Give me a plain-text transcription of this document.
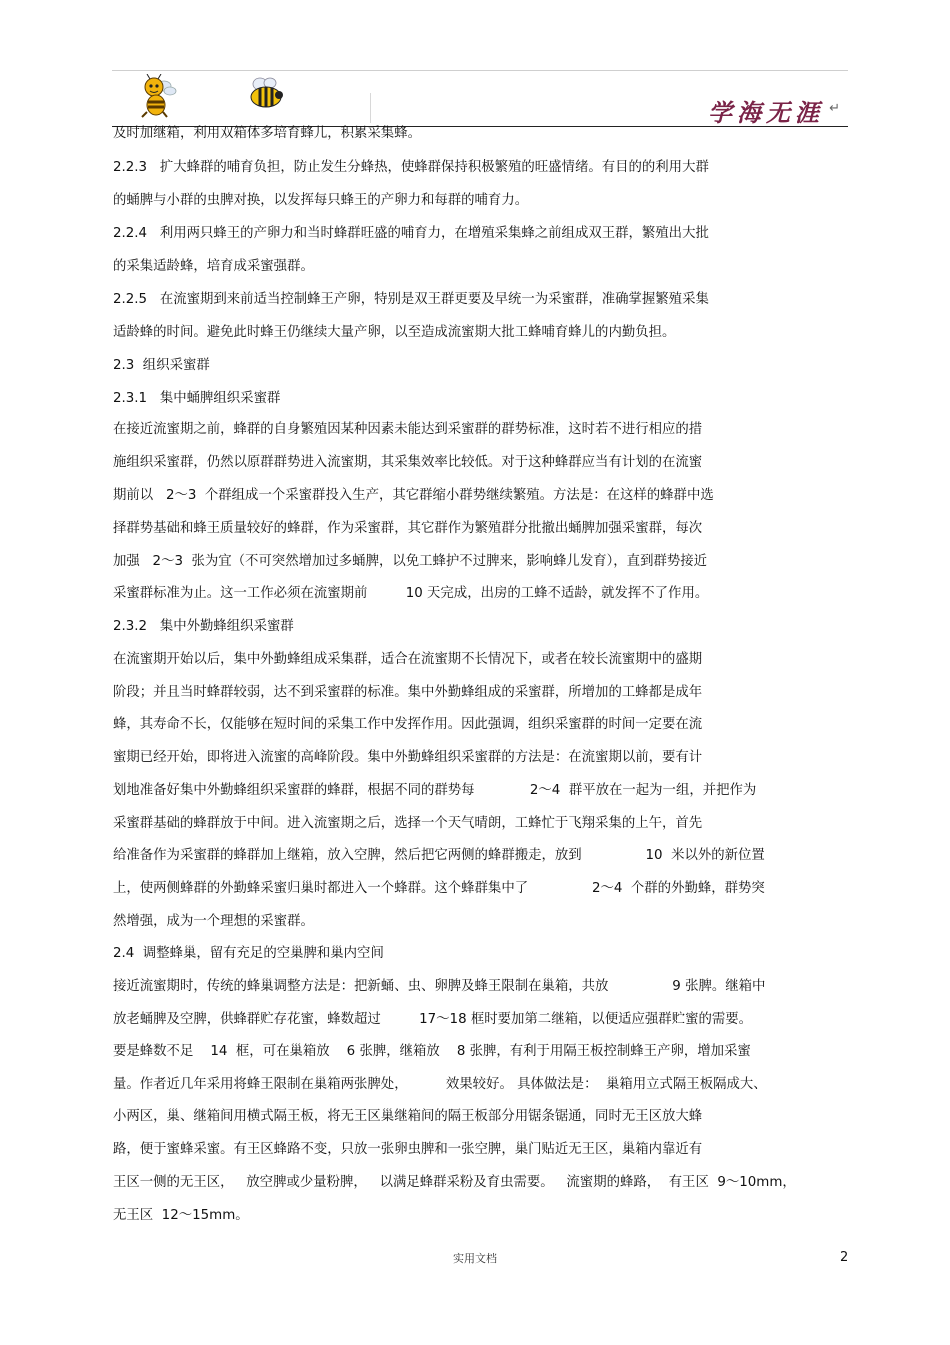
学海无涯 ↵
及时加继箱，利用双箱体多培育蜂儿，积累采集蜂。
2.2.3   扩大蜂群的哺育负担，防止发生分蜂热，使蜂群保持积极繁殖的旺盛情绪。有目的的利用大群
的蛹脾与小群的虫脾对换，以发挥每只蜂王的产卵力和每群的哺育力。
2.2.4   利用两只蜂王的产卵力和当时蜂群旺盛的哺育力，在增殖采集蜂之前组成双王群，繁殖出大批
的采集适龄蜂，培育成采蜜强群。
2.2.5   在流蜜期到来前适当控制蜂王产卵，特别是双王群更要及早统一为采蜜群，准确掌握繁殖采集
适龄蜂的时间。避免此时蜂王仍继续大量产卵，以至造成流蜜期大批工蜂哺育蜂儿的内勤负担。
2.3  组织采蜜群
2.3.1   集中蛹脾组织采蜜群
在接近流蜜期之前，蜂群的自身繁殖因某种因素未能达到采蜜群的群势标准，这时若不进行相应的措
施组织采蜜群，仍然以原群群势进入流蜜期，其采集效率比较低。对于这种蜂群应当有计划的在流蜜
期前以   2～3  个群组成一个采蜜群投入生产，其它群缩小群势继续繁殖。方法是：在这样的蜂群中选
择群势基础和蜂王质量较好的蜂群，作为采蜜群，其它群作为繁殖群分批撤出蛹脾加强采蜜群，每次
加强   2～3  张为宜（不可突然增加过多蛹脾，以免工蜂护不过脾来，影响蜂儿发育），直到群势接近
采蜜群标准为止。这一工作必须在流蜜期前         10 天完成，出房的工蜂不适龄，就发挥不了作用。
2.3.2   集中外勤蜂组织采蜜群
在流蜜期开始以后，集中外勤蜂组成采集群，适合在流蜜期不长情况下，或者在较长流蜜期中的盛期
阶段；并且当时蜂群较弱，达不到采蜜群的标准。集中外勤蜂组成的采蜜群，所增加的工蜂都是成年
蜂，其寿命不长，仅能够在短时间的采集工作中发挥作用。因此强调，组织采蜜群的时间一定要在流
蜜期已经开始，即将进入流蜜的高峰阶段。集中外勤蜂组织采蜜群的方法是：在流蜜期以前，要有计
划地准备好集中外勤蜂组织采蜜群的蜂群，根据不同的群势每             2～4  群平放在一起为一组，并把作为
采蜜群基础的蜂群放于中间。进入流蜜期之后，选择一个天气晴朗，工蜂忙于飞翔采集的上午，首先
给准备作为采蜜群的蜂群加上继箱，放入空脾，然后把它两侧的蜂群搬走，放到               10  米以外的新位置
上，使两侧蜂群的外勤蜂采蜜归巢时都进入一个蜂群。这个蜂群集中了               2～4  个群的外勤蜂，群势突
然增强，成为一个理想的采蜜群。
2.4  调整蜂巢，留有充足的空巢脾和巢内空间
接近流蜜期时，传统的蜂巢调整方法是：把新蛹、虫、卵脾及蜂王限制在巢箱，共放               9 张脾。继箱中
放老蛹脾及空脾，供蜂群贮存花蜜，蜂数超过         17～18 框时要加第二继箱，以便适应强群贮蜜的需要。
要是蜂数不足    14  框，可在巢箱放    6 张脾，继箱放    8 张脾，有利于用隔王板控制蜂王产卵，增加采蜜
量。作者近几年采用将蜂王限制在巢箱两张脾处，         效果较好。 具体做法是：  巢箱用立式隔王板隔成大、
小两区，巢、继箱间用横式隔王板，将无王区巢继箱间的隔王板部分用锯条锯通，同时无王区放大蜂
路，便于蜜蜂采蜜。有王区蜂路不变，只放一张卵虫脾和一张空脾，巢门贴近无王区，巢箱内靠近有
王区一侧的无王区，   放空脾或少量粉脾，   以满足蜂群采粉及育虫需要。   流蜜期的蜂路，  有王区  9～10mm，
无王区  12～15mm。
实用文档	2
